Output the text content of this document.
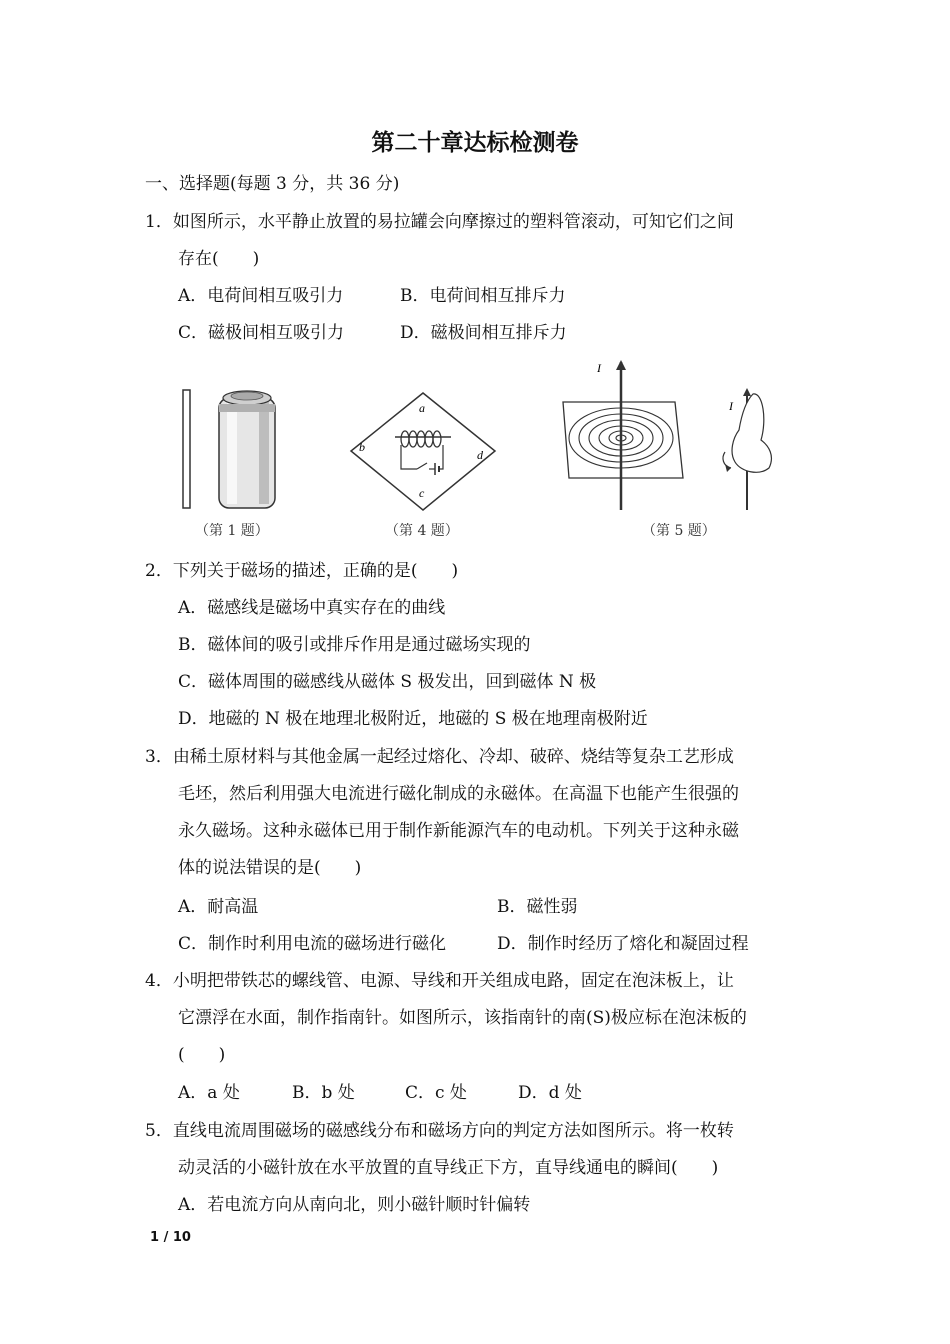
第二十章达标检测卷
一、选择题(每题 3 分，共 36 分)
1．如图所示，水平静止放置的易拉罐会向摩擦过的塑料管滚动，可知它们之间
存在(　　)
A．电荷间相互吸引力	B．电荷间相互排斥力
C．磁极间相互吸引力	D．磁极间相互排斥力
（第 1 题）
a
b
c
d
（第 4 题）
I
I
（第 5 题）
2．下列关于磁场的描述，正确的是(　　)
A．磁感线是磁场中真实存在的曲线
B．磁体间的吸引或排斥作用是通过磁场实现的
C．磁体周围的磁感线从磁体 S 极发出，回到磁体 N 极
D．地磁的 N 极在地理北极附近，地磁的 S 极在地理南极附近
3．由稀土原材料与其他金属一起经过熔化、冷却、破碎、烧结等复杂工艺形成
毛坯，然后利用强大电流进行磁化制成的永磁体。在高温下也能产生很强的
永久磁场。这种永磁体已用于制作新能源汽车的电动机。下列关于这种永磁
体的说法错误的是(　　)
A．耐高温	B．磁性弱
C．制作时利用电流的磁场进行磁化	D．制作时经历了熔化和凝固过程
4．小明把带铁芯的螺线管、电源、导线和开关组成电路，固定在泡沫板上，让
它漂浮在水面，制作指南针。如图所示，该指南针的南(S)极应标在泡沫板的
(　　)
A．a 处	B．b 处	C．c 处	D．d 处
5．直线电流周围磁场的磁感线分布和磁场方向的判定方法如图所示。将一枚转
动灵活的小磁针放在水平放置的直导线正下方，直导线通电的瞬间(　　)
A．若电流方向从南向北，则小磁针顺时针偏转
1 / 10
